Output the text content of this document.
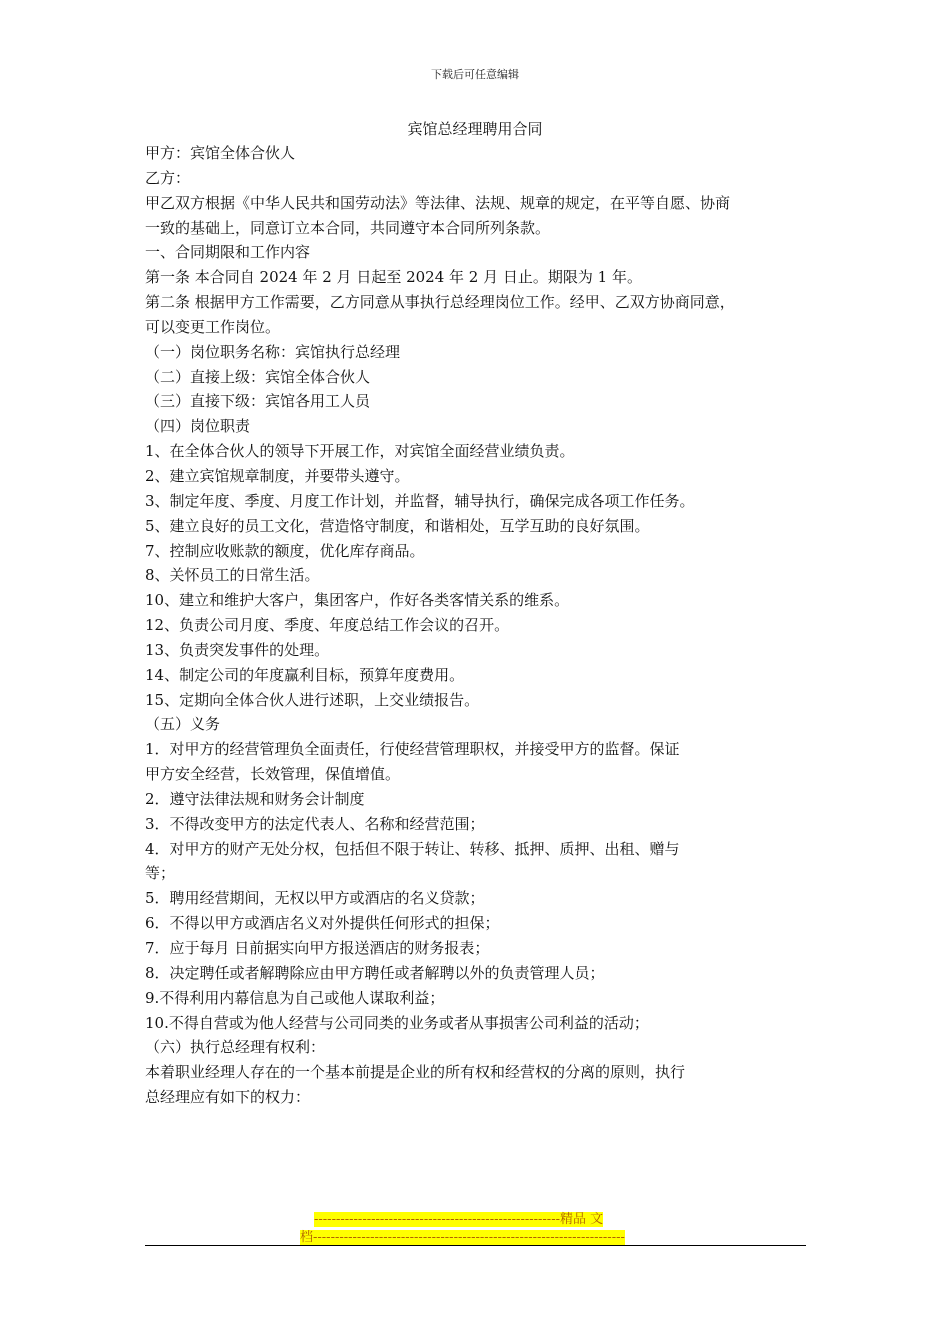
下载后可任意编辑
宾馆总经理聘用合同
甲方：宾馆全体合伙人
乙方：
甲乙双方根据《中华人民共和国劳动法》等法律、法规、规章的规定，在平等自愿、协商
一致的基础上，同意订立本合同，共同遵守本合同所列条款。
一、合同期限和工作内容
第一条 本合同自 2024 年 2 月 日起至 2024 年 2 月 日止。期限为 1 年。
第二条 根据甲方工作需要，乙方同意从事执行总经理岗位工作。经甲、乙双方协商同意，
可以变更工作岗位。
（一）岗位职务名称：宾馆执行总经理
（二）直接上级：宾馆全体合伙人
（三）直接下级：宾馆各用工人员
（四）岗位职责
1、在全体合伙人的领导下开展工作，对宾馆全面经营业绩负责。
2、建立宾馆规章制度，并要带头遵守。
3、制定年度、季度、月度工作计划，并监督，辅导执行，确保完成各项工作任务。
5、建立良好的员工文化，营造恪守制度，和谐相处，互学互助的良好氛围。
7、控制应收账款的额度，优化库存商品。
8、关怀员工的日常生活。
10、建立和维护大客户，集团客户，作好各类客情关系的维系。
12、负责公司月度、季度、年度总结工作会议的召开。
13、负责突发事件的处理。
14、制定公司的年度赢利目标，预算年度费用。
15、定期向全体合伙人进行述职，上交业绩报告。
（五）义务
1．对甲方的经营管理负全面责任，行使经营管理职权，并接受甲方的监督。保证
甲方安全经营，长效管理，保值增值。
2．遵守法律法规和财务会计制度
3．不得改变甲方的法定代表人、名称和经营范围；
4．对甲方的财产无处分权，包括但不限于转让、转移、抵押、质押、出租、赠与
等；
5．聘用经营期间，无权以甲方或酒店的名义贷款；
6．不得以甲方或酒店名义对外提供任何形式的担保；
7．应于每月 日前据实向甲方报送酒店的财务报表；
8．决定聘任或者解聘除应由甲方聘任或者解聘以外的负责管理人员；
9.不得利用内幕信息为自己或他人谋取利益；
10.不得自营或为他人经营与公司同类的业务或者从事损害公司利益的活动；
（六）执行总经理有权利：
本着职业经理人存在的一个基本前提是企业的所有权和经营权的分离的原则，执行
总经理应有如下的权力：
--------------------------------------------------------精品 文
档-----------------------------------------------------------------------
